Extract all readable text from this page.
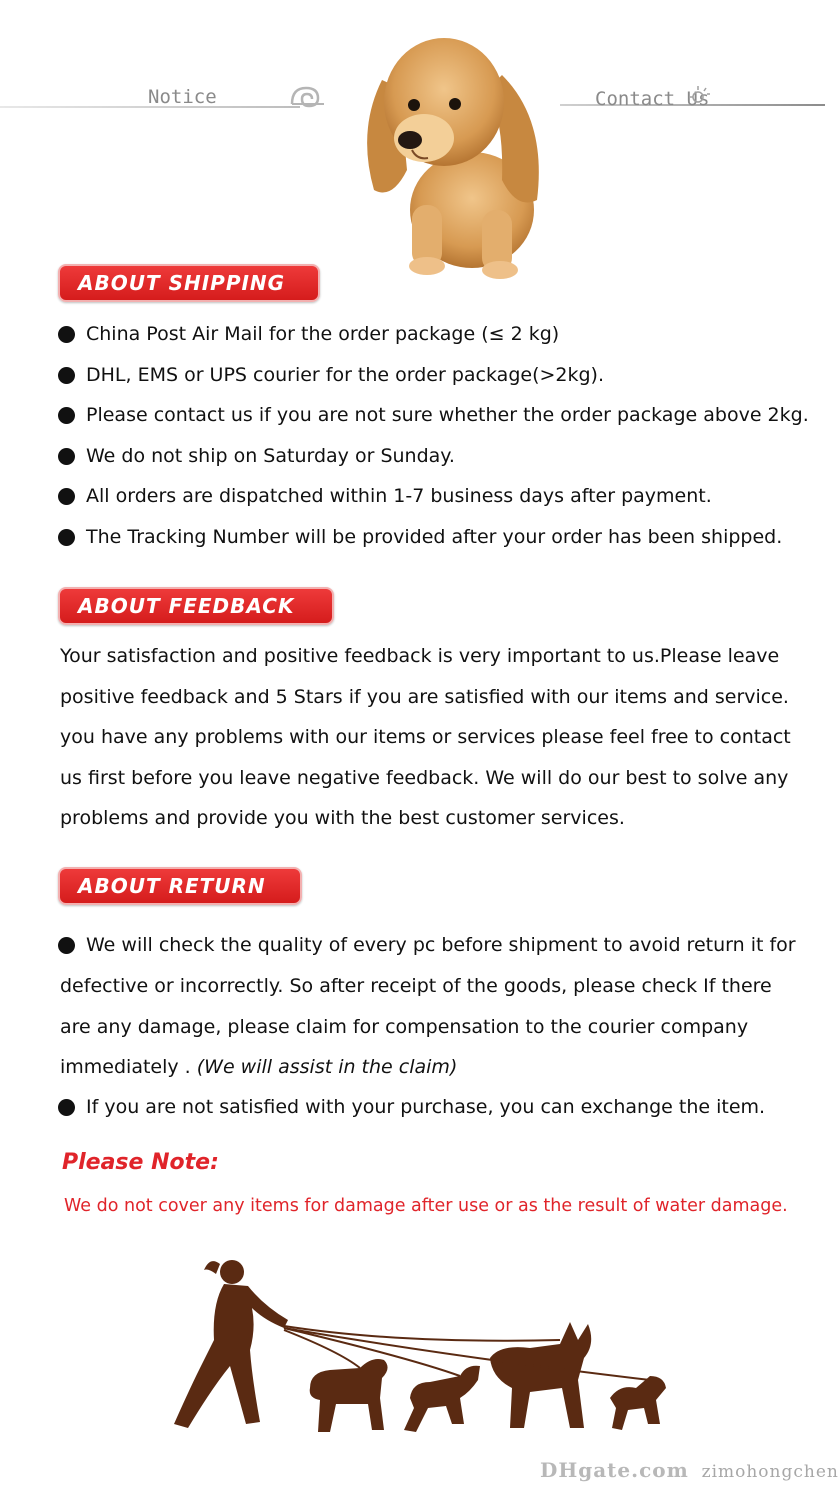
Notice	Contact Us
ABOUT SHIPPING
China Post Air Mail for the order package (≤ 2 kg)
DHL, EMS or UPS courier for the order package(>2kg).
Please contact us if you are not sure whether the order package above 2kg.
We do not ship on Saturday or Sunday.
All orders are dispatched within 1-7 business days after payment.
The Tracking Number will be provided after your order has been shipped.
ABOUT FEEDBACK
Your satisfaction and positive feedback is very important to us.Please leave
positive feedback and 5 Stars if you are satisfied with our items and service.
you have any problems with our items or services please feel free to contact
us first before you leave negative feedback. We will do our best to solve any
problems and provide you with the best customer services.
ABOUT RETURN
We will check the quality of every pc before shipment to avoid return it for
defective or incorrectly. So after receipt of the goods, please check If there
are any damage, please claim for compensation to the courier company
immediately . (We will assist in the claim)
If you are not satisfied with your purchase, you can exchange the item.
Please Note:
We do not cover any items for damage after use or as the result of water damage.
DHgate.com zimohongchen
